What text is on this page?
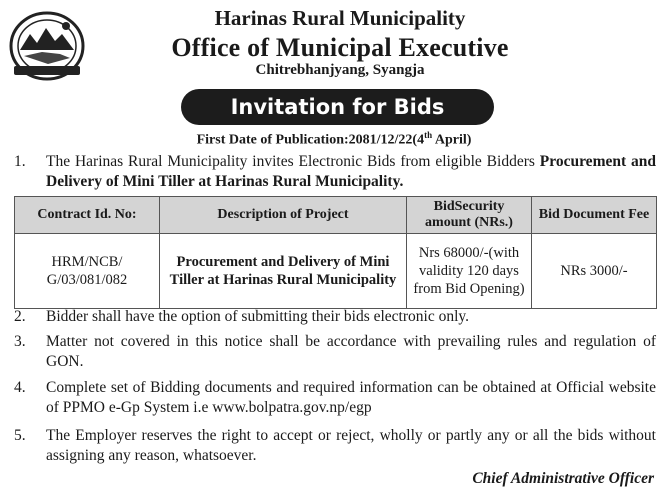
Harinas Rural Municipality
Office of Municipal Executive
Chitrebhanjyang, Syangja
Invitation for Bids
First Date of Publication:2081/12/22(4th April)
1. The Harinas Rural Municipality invites Electronic Bids from eligible Bidders Procurement and Delivery of Mini Tiller at Harinas Rural Municipality.
Contract Id. No:	Description of Project	BidSecurity amount (NRs.)	Bid Document Fee
HRM/NCB/ G/03/081/082	Procurement and Delivery of Mini Tiller at Harinas Rural Municipality	Nrs 68000/-(with validity 120 days from Bid Opening)	NRs 3000/-
2. Bidder shall have the option of submitting their bids electronic only.
3. Matter not covered in this notice shall be accordance with prevailing rules and regulation of GON.
4. Complete set of Bidding documents and required information can be obtained at Official website of PPMO e-Gp System i.e www.bolpatra.gov.np/egp
5. The Employer reserves the right to accept or reject, wholly or partly any or all the bids without assigning any reason, whatsoever.
Chief Administrative Officer
